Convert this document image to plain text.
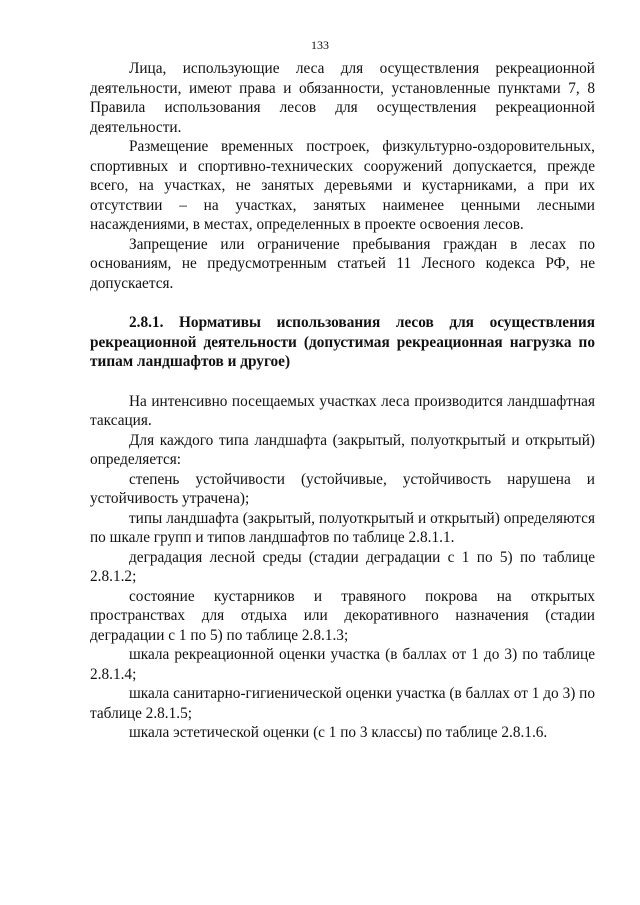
133

Лица, использующие леса для осуществления рекреационной деятельности, имеют права и обязанности, установленные пунктами 7, 8 Правила использования лесов для осуществления рекреационной деятельности.

Размещение временных построек, физкультурно-оздоровительных, спортивных и спортивно-технических сооружений допускается, прежде всего, на участках, не занятых деревьями и кустарниками, а при их отсутствии – на участках, занятых наименее ценными лесными насаждениями, в местах, определенных в проекте освоения лесов.

Запрещение или ограничение пребывания граждан в лесах по основаниям, не предусмотренным статьей 11 Лесного кодекса РФ, не допускается.

2.8.1. Нормативы использования лесов для осуществления рекреационной деятельности (допустимая рекреационная нагрузка по типам ландшафтов и другое)

На интенсивно посещаемых участках леса производится ландшафтная таксация.

Для каждого типа ландшафта (закрытый, полуоткрытый и открытый) определяется:

степень устойчивости (устойчивые, устойчивость нарушена и устойчивость утрачена);

типы ландшафта (закрытый, полуоткрытый и открытый) определяются по шкале групп и типов ландшафтов по таблице 2.8.1.1.

деградация лесной среды (стадии деградации с 1 по 5) по таблице 2.8.1.2;

состояние кустарников и травяного покрова на открытых пространствах для отдыха или декоративного назначения (стадии деградации с 1 по 5) по таблице 2.8.1.3;

шкала рекреационной оценки участка (в баллах от 1 до 3) по таблице 2.8.1.4;

шкала санитарно-гигиенической оценки участка (в баллах от 1 до 3) по таблице 2.8.1.5;

шкала эстетической оценки (с 1 по 3 классы) по таблице 2.8.1.6.
